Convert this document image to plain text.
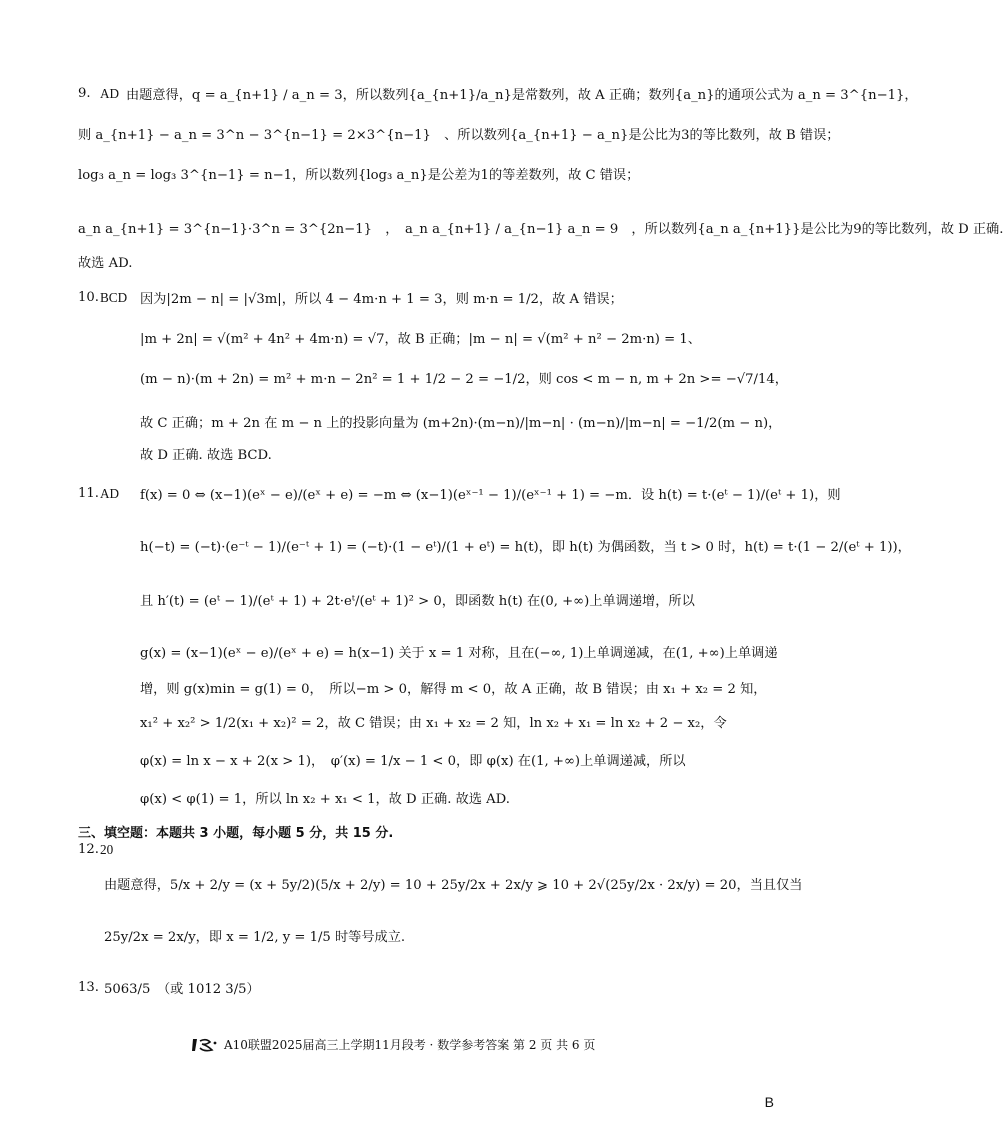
9. AD 由题意得，q = a_{n+1} / a_n = 3，所以数列{a_{n+1}/a_n}是常数列，故 A 正确；数列{a_n}的通项公式为 a_n = 3^{n−1}，
则 a_{n+1} − a_n = 3^n − 3^{n−1} = 2×3^{n−1}　、所以数列{a_{n+1} − a_n}是公比为3的等比数列，故 B 错误；
log₃ a_n = log₃ 3^{n−1} = n−1，所以数列{log₃ a_n}是公差为1的等差数列，故 C 错误；
a_n a_{n+1} = 3^{n−1}·3^n = 3^{2n−1}　，　a_n a_{n+1} / a_{n−1} a_n = 9　，所以数列{a_n a_{n+1}}是公比为9的等比数列，故 D 正确.
故选 AD.
10. BCD 因为|2m − n| = |√3m|，所以 4 − 4m·n + 1 = 3，则 m·n = 1/2，故 A 错误；
|m + 2n| = √(m² + 4n² + 4m·n) = √7，故 B 正确；|m − n| = √(m² + n² − 2m·n) = 1、
(m − n)·(m + 2n) = m² + m·n − 2n² = 1 + 1/2 − 2 = −1/2，则 cos < m − n, m + 2n >= −√7/14，
故 C 正确；m + 2n 在 m − n 上的投影向量为 (m+2n)·(m−n)/|m−n| · (m−n)/|m−n| = −1/2(m − n)，
故 D 正确. 故选 BCD.
11. AD f(x) = 0 ⇔ (x−1)(eˣ − e)/(eˣ + e) = −m ⇔ (x−1)(eˣ⁻¹ − 1)/(eˣ⁻¹ + 1) = −m．设 h(t) = t·(eᵗ − 1)/(eᵗ + 1)，则
h(−t) = (−t)·(e⁻ᵗ − 1)/(e⁻ᵗ + 1) = (−t)·(1 − eᵗ)/(1 + eᵗ) = h(t)，即 h(t) 为偶函数，当 t > 0 时，h(t) = t·(1 − 2/(eᵗ + 1))，
且 h′(t) = (eᵗ − 1)/(eᵗ + 1) + 2t·eᵗ/(eᵗ + 1)² > 0，即函数 h(t) 在(0, +∞)上单调递增，所以
g(x) = (x−1)(eˣ − e)/(eˣ + e) = h(x−1) 关于 x = 1 对称，且在(−∞, 1)上单调递减，在(1, +∞)上单调递
增，则 g(x)min = g(1) = 0，　所以−m > 0，解得 m < 0，故 A 正确，故 B 错误；由 x₁ + x₂ = 2 知，
x₁² + x₂² > 1/2(x₁ + x₂)² = 2，故 C 错误；由 x₁ + x₂ = 2 知，ln x₂ + x₁ = ln x₂ + 2 − x₂，令
φ(x) = ln x − x + 2(x > 1)，　φ′(x) = 1/x − 1 < 0，即 φ(x) 在(1, +∞)上单调递减，所以
φ(x) < φ(1) = 1，所以 ln x₂ + x₁ < 1，故 D 正确. 故选 AD.
三、填空题：本题共 3 小题，每小题 5 分，共 15 分.
12. 20
由题意得，5/x + 2/y = (x + 5y/2)(5/x + 2/y) = 10 + 25y/2x + 2x/y ⩾ 10 + 2√(25y/2x · 2x/y) = 20，当且仅当
25y/2x = 2x/y，即 x = 1/2, y = 1/5 时等号成立.
13. 5063/5　（或 1012 3/5）
A10联盟2025届高三上学期11月段考 · 数学参考答案 第 2 页 共 6 页
B
